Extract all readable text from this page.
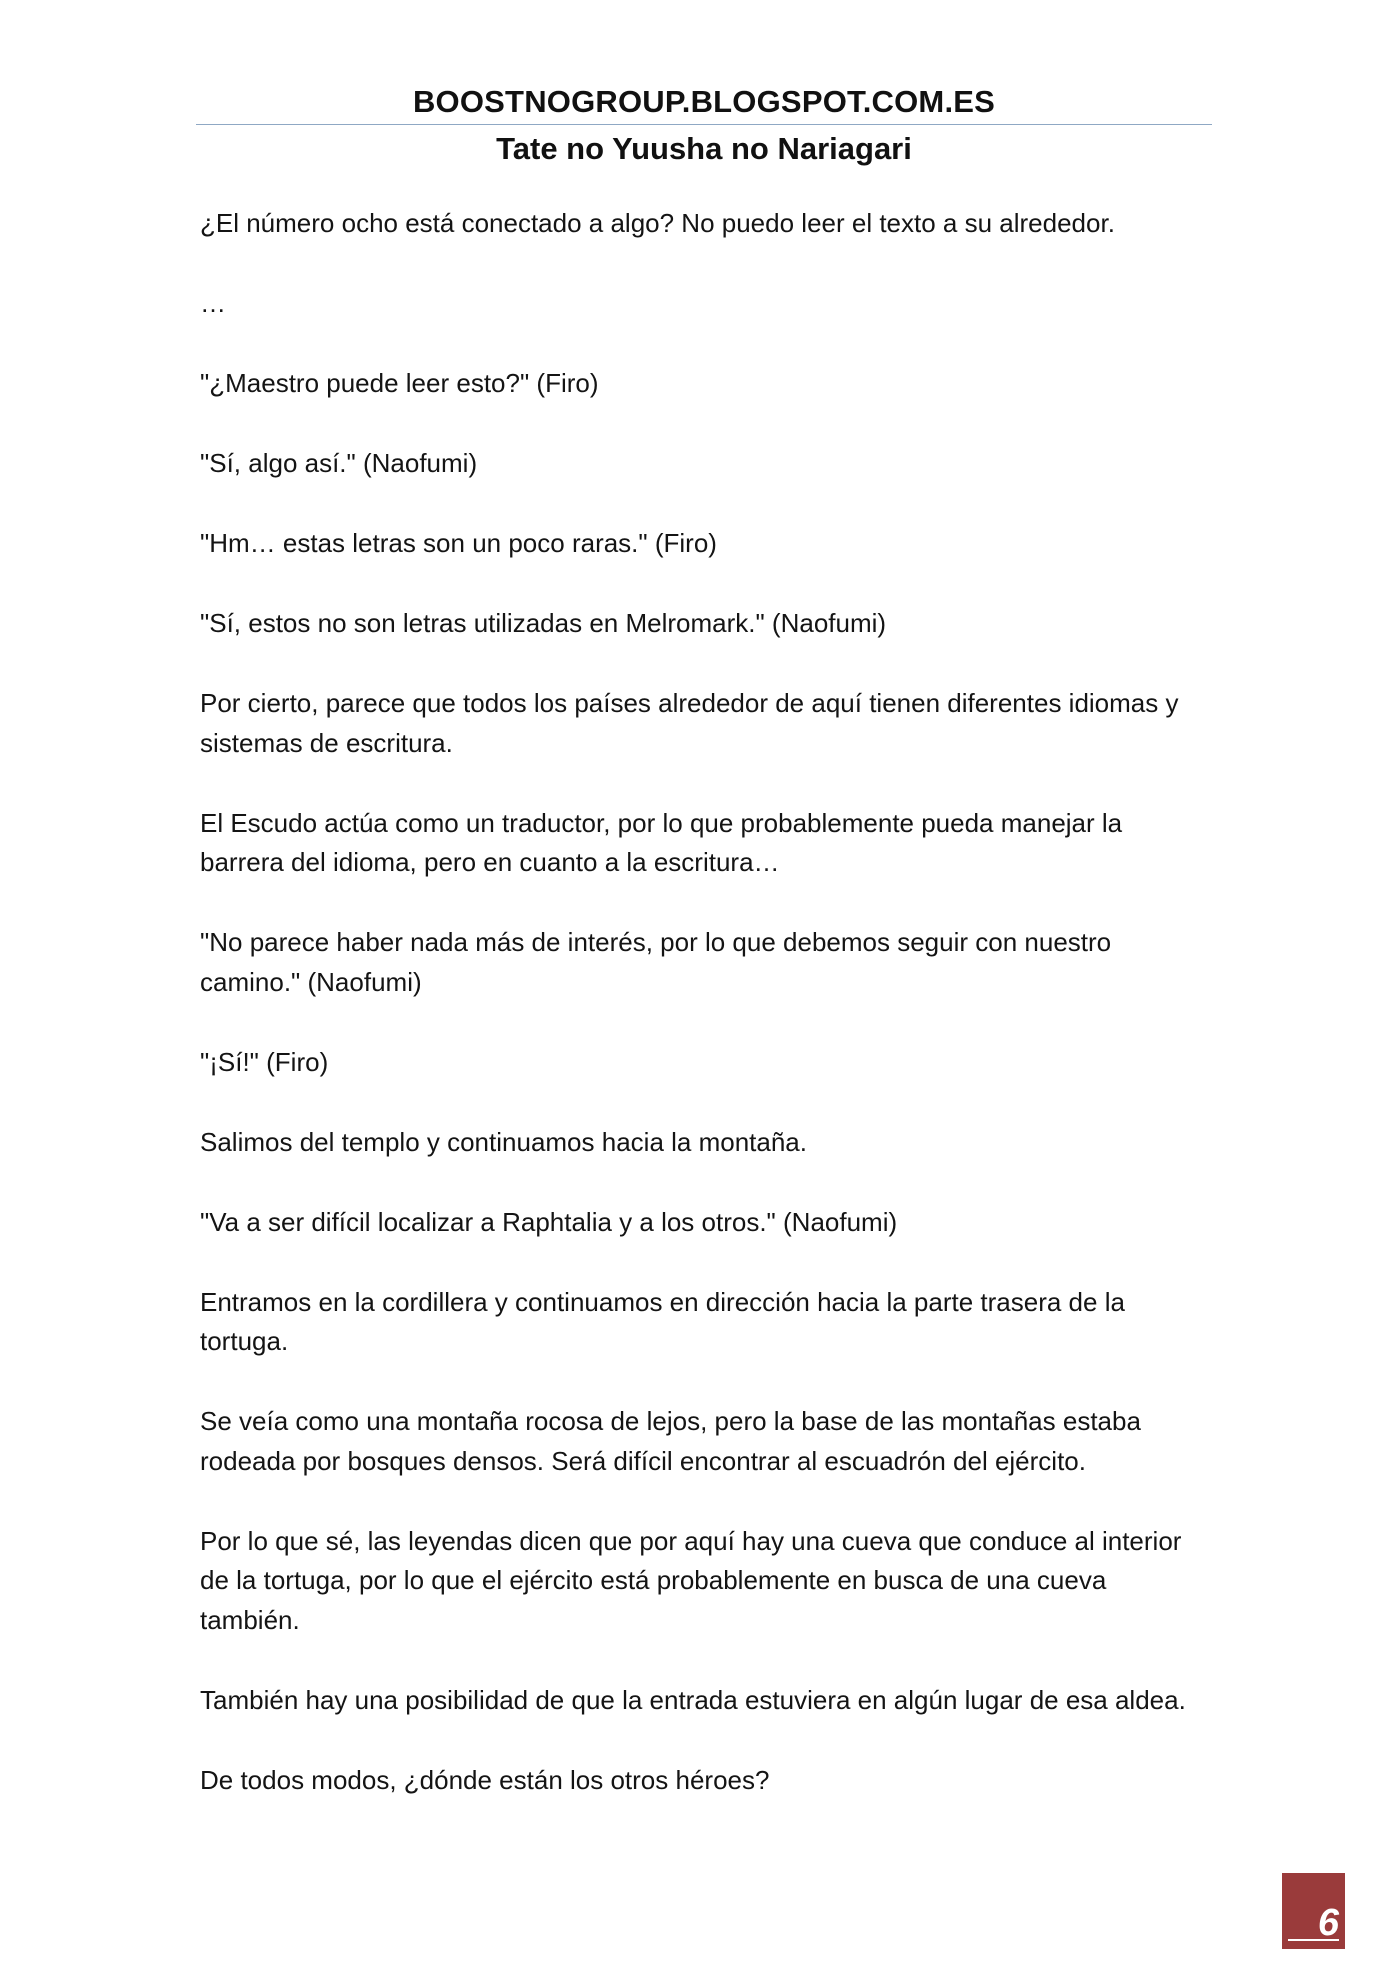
BOOSTNOGROUP.BLOGSPOT.COM.ES
Tate no Yuusha no Nariagari

¿El número ocho está conectado a algo? No puedo leer el texto a su alrededor.

…

"¿Maestro puede leer esto?" (Firo)

"Sí, algo así." (Naofumi)

"Hm… estas letras son un poco raras." (Firo)

"Sí, estos no son letras utilizadas en Melromark." (Naofumi)

Por cierto, parece que todos los países alrededor de aquí tienen diferentes idiomas y sistemas de escritura.

El Escudo actúa como un traductor, por lo que probablemente pueda manejar la barrera del idioma, pero en cuanto a la escritura…

"No parece haber nada más de interés, por lo que debemos seguir con nuestro camino." (Naofumi)

"¡Sí!" (Firo)

Salimos del templo y continuamos hacia la montaña.

"Va a ser difícil localizar a Raphtalia y a los otros." (Naofumi)

Entramos en la cordillera y continuamos en dirección hacia la parte trasera de la tortuga.

Se veía como una montaña rocosa de lejos, pero la base de las montañas estaba rodeada por bosques densos. Será difícil encontrar al escuadrón del ejército.

Por lo que sé, las leyendas dicen que por aquí hay una cueva que conduce al interior de la tortuga, por lo que el ejército está probablemente en busca de una cueva también.

También hay una posibilidad de que la entrada estuviera en algún lugar de esa aldea.

De todos modos, ¿dónde están los otros héroes?

6
